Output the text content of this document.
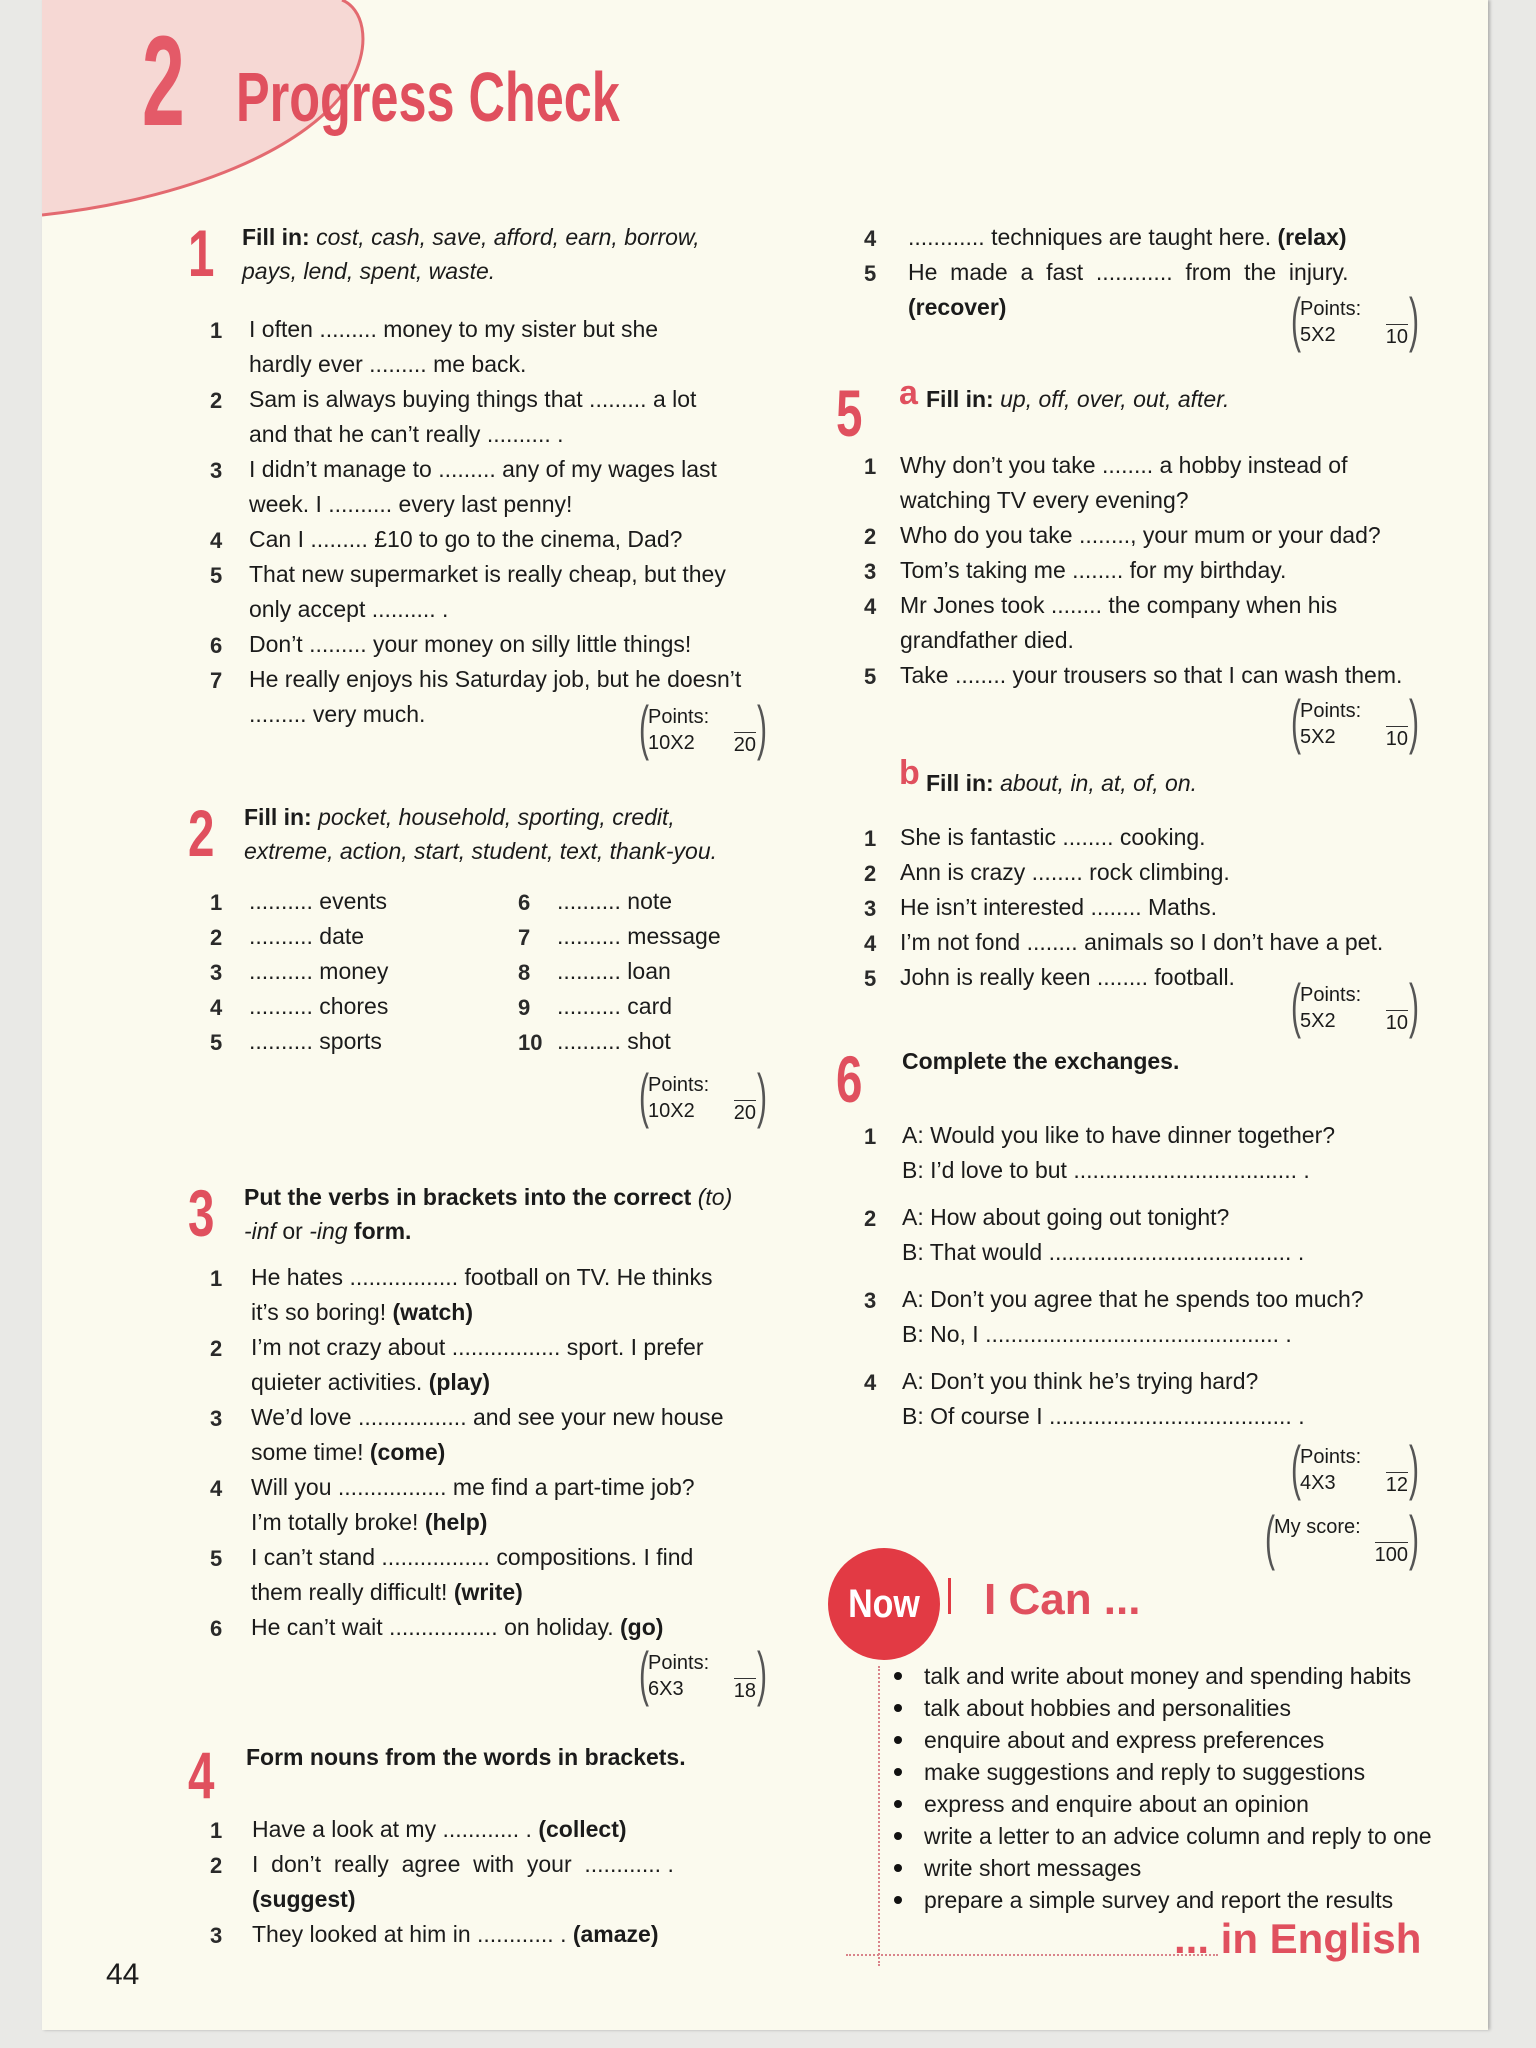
2 Progress Check
1 Fill in: cost, cash, save, afford, earn, borrow,
pays, lend, spent, waste.
( Points:
10X2 20 )
2 Fill in: pocket, household, sporting, credit,
extreme, action, start, student, text, thank-you.
( Points:
10X2 20 )
3 Put the verbs in brackets into the correct (to)
-inf or -ing form.
( Points:
6X3	18 )
4 Form nouns from the words in brackets.
( Points:
5X2	10 )
44
5 a Fill in: up, off, over, out, after.
( Points:
5X2	10 )
b Fill in: about, in, at, of, on.
( Points:
5X2	10 )
6 Complete the exchanges.
( Points:
4X3	12 )
( My score:
100 )
Now I Can ...
... in English
1 I often ......... money to my sister but she
hardly ever ......... me back.
2 Sam is always buying things that ......... a lot
and that he can’t really .......... .
3 I didn’t manage to ......... any of my wages last
week. I .......... every last penny!
4 Can I ......... £10 to go to the cinema, Dad?
5 That new supermarket is really cheap, but they
only accept .......... .
6 Don’t ......... your money on silly little things!
7 He really enjoys his Saturday job, but he doesn’t
......... very much.
1 .......... events
2 .......... date
3 .......... money
4 .......... chores
5 .......... sports
6 .......... note
7 .......... message
8 .......... loan
9 .......... card
10 .......... shot
1 He hates ................. football on TV. He thinks
it’s so boring! (watch)
2 I’m not crazy about ................. sport. I prefer
quieter activities. (play)
3 We’d love ................. and see your new house
some time! (come)
4 Will you ................. me find a part-time job?
I’m totally broke! (help)
5 I can’t stand ................. compositions. I find
them really difficult! (write)
6 He can’t wait ................. on holiday. (go)
1 Have a look at my ............ . (collect)
2 I  don’t  really  agree  with  your  ............ .
(suggest)
3 They looked at him in ............ . (amaze)
4 ............ techniques are taught here. (relax)
5 He  made  a  fast  ............  from  the  injury.
(recover)
1 Why don’t you take ........ a hobby instead of
watching TV every evening?
2 Who do you take ........, your mum or your dad?
3 Tom’s taking me ........ for my birthday.
4 Mr Jones took ........ the company when his
grandfather died.
5 Take ........ your trousers so that I can wash them.
1 She is fantastic ........ cooking.
2 Ann is crazy ........ rock climbing.
3 He isn’t interested ........ Maths.
4 I’m not fond ........ animals so I don’t have a pet.
5 John is really keen ........ football.
1 A: Would you like to have dinner together?
B: I’d love to but ................................... .
2 A: How about going out tonight?
B: That would ...................................... .
3 A: Don’t you agree that he spends too much?
B: No, I .............................................. .
4 A: Don’t you think he’s trying hard?
B: Of course I ...................................... .
talk and write about money and spending habits
talk about hobbies and personalities
enquire about and express preferences
make suggestions and reply to suggestions
express and enquire about an opinion
write a letter to an advice column and reply to one
write short messages
prepare a simple survey and report the results
